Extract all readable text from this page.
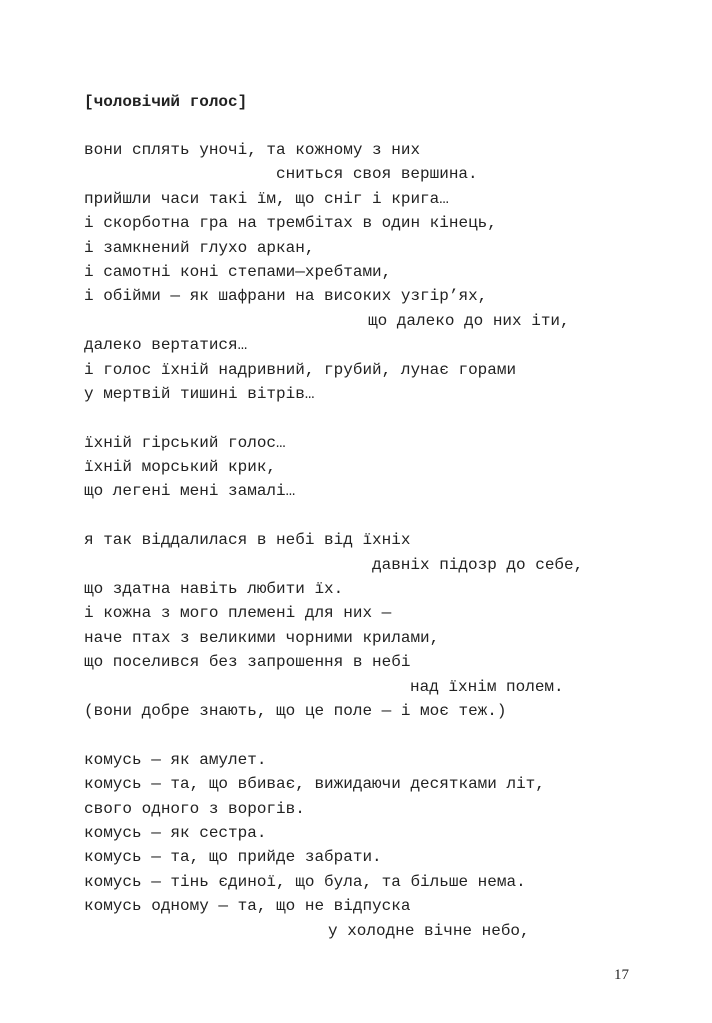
[чоловічий голос]
вони сплять уночі, та кожному з них
сниться своя вершина.
прийшли часи такі їм, що сніг і крига…
і скорботна гра на трембітах в один кінець,
і замкнений глухо аркан,
і самотні коні степами—хребтами,
і обійми — як шафрани на високих узгір’ях,
що далеко до них іти,
далеко вертатися…
і голос їхній надривний, грубий, лунає горами
у мертвій тишині вітрів…
їхній гірський голос…
їхній морський крик,
що легені мені замалі…
я так віддалилася в небі від їхніх
давніх підозр до себе,
що здатна навіть любити їх.
і кожна з мого племені для них —
наче птах з великими чорними крилами,
що поселився без запрошення в небі
над їхнім полем.
(вони добре знають, що це поле — і моє теж.)
комусь — як амулет.
комусь — та, що вбиває, вижидаючи десятками літ,
свого одного з ворогів.
комусь — як сестра.
комусь — та, що прийде забрати.
комусь — тінь єдиної, що була, та більше нема.
комусь одному — та, що не відпуска
у холодне вічне небо,
17
